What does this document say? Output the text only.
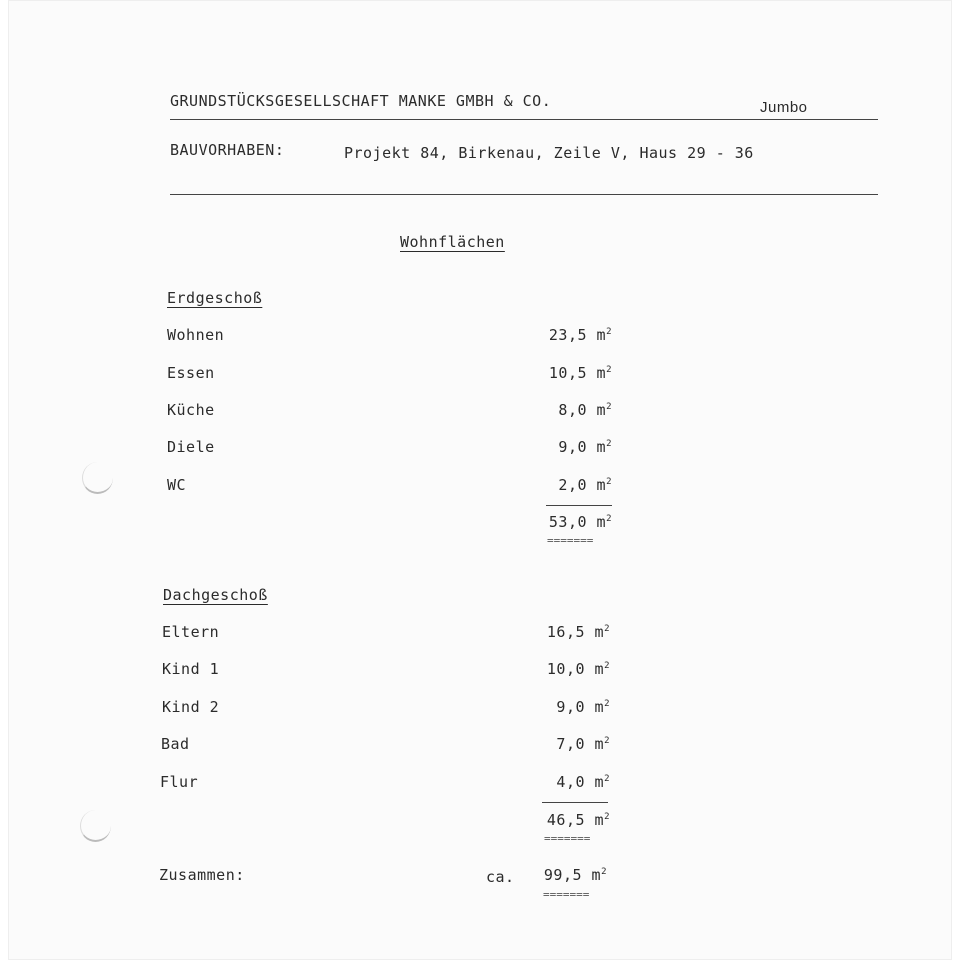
GRUNDSTÜCKSGESELLSCHAFT MANKE GMBH & CO.	Jumbo
BAUVORHABEN:	Projekt 84, Birkenau, Zeile V, Haus 29 - 36
Wohnflächen
Erdgeschoß
Wohnen	23,5 $m^2$
Essen	10,5 $m^2$
Küche	8,0 $m^2$
Diele	9,0 $m^2$
WC	2,0 $m^2$
53,0 $m^2$
=======
Dachgeschoß
Eltern	16,5 $m^2$
Kind 1	10,0 $m^2$
Kind 2	9,0 $m^2$
Bad	7,0 $m^2$
Flur	4,0 $m^2$
46,5 $m^2$
=======
Zusammen:	ca.	99,5 $m^2$
=======
